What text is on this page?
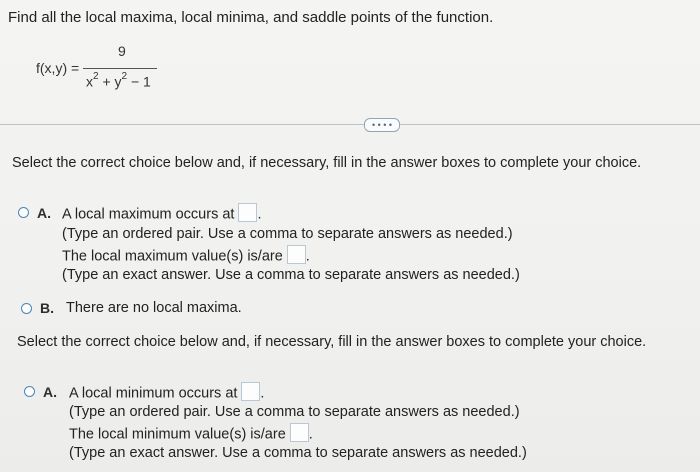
Find all the local maxima, local minima, and saddle points of the function.
f(x,y) =
9
$x^2 + y^2 - 1$
• • • •
Select the correct choice below and, if necessary, fill in the answer boxes to complete your choice.
A. A local maximum occurs at .
(Type an ordered pair. Use a comma to separate answers as needed.)
The local maximum value(s) is/are .
(Type an exact answer. Use a comma to separate answers as needed.)
B. There are no local maxima.
Select the correct choice below and, if necessary, fill in the answer boxes to complete your choice.
A. A local minimum occurs at .
(Type an ordered pair. Use a comma to separate answers as needed.)
The local minimum value(s) is/are .
(Type an exact answer. Use a comma to separate answers as needed.)
